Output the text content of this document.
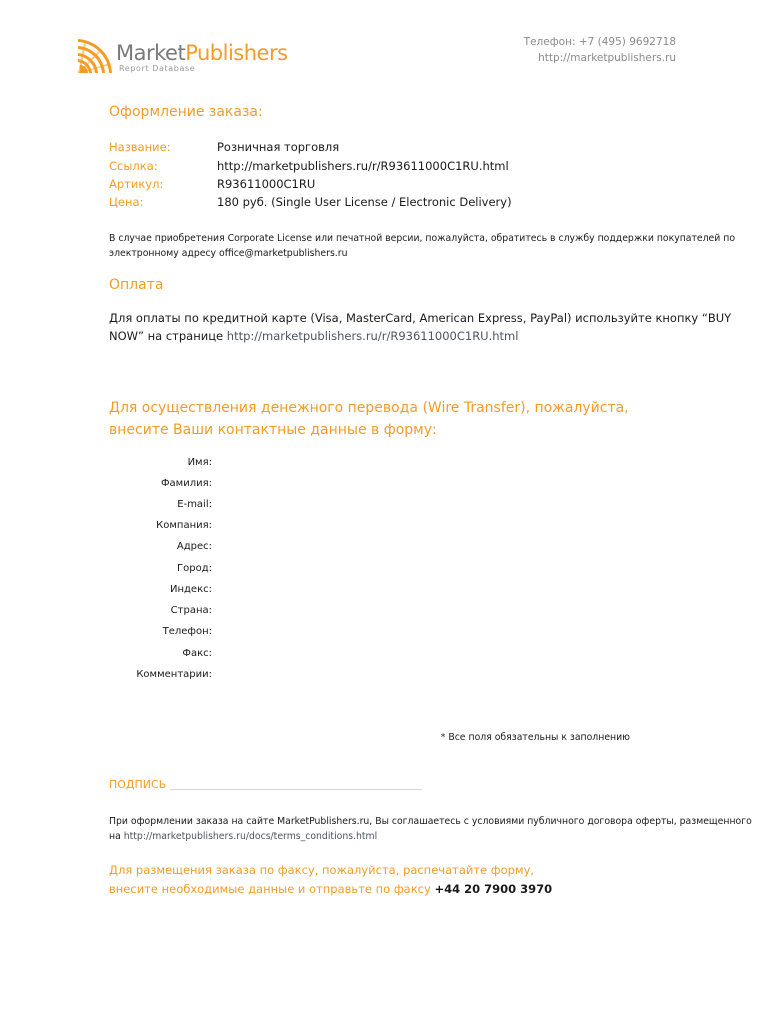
MarketPublishers
Report Database
Телефон: +7 (495) 9692718
http://marketpublishers.ru
Оформление заказа:
Название:	Розничная торговля
Ссылка:	http://marketpublishers.ru/r/R93611000C1RU.html
Артикул:	R93611000C1RU
Цена:	180 руб. (Single User License / Electronic Delivery)
В случае приобретения Corporate License или печатной версии, пожалуйста, обратитесь в службу поддержки покупателей по
электронному адресу office@marketpublishers.ru
Оплата
Для оплаты по кредитной карте (Visa, MasterCard, American Express, PayPal) используйте кнопку “BUY
NOW” на странице http://marketpublishers.ru/r/R93611000C1RU.html
Для осуществления денежного перевода (Wire Transfer), пожалуйста,
внесите Ваши контактные данные в форму:
Имя:
Фамилия:
E-mail:
Компания:
Адрес:
Город:
Индекс:
Страна:
Телефон:
Факс:
Комментарии:
* Все поля обязательны к заполнению
ПОДПИСЬ
При оформлении заказа на сайте MarketPublishers.ru, Вы соглашаетесь с условиями публичного договора оферты, размещенного
на http://marketpublishers.ru/docs/terms_conditions.html
Для размещения заказа по факсу, пожалуйста, распечатайте форму,
внесите необходимые данные и отправьте по факсу +44 20 7900 3970
